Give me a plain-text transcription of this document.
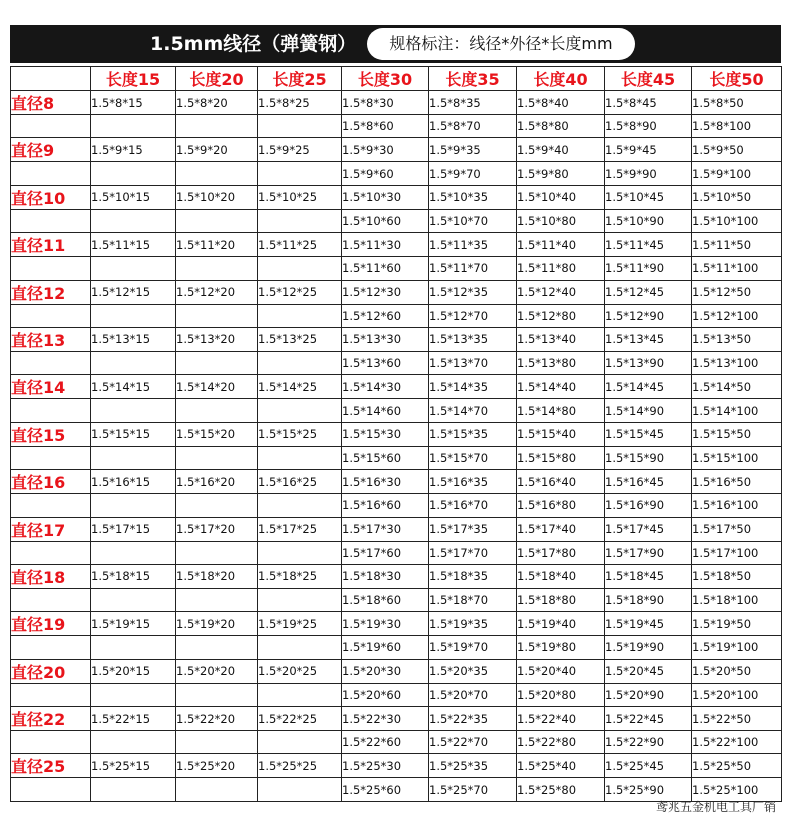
1.5mm线径（弹簧钢）	规格标注：线径*外径*长度mm
	长度15	长度20	长度25	长度30	长度35	长度40	长度45	长度50
直径8	1.5*8*15	1.5*8*20	1.5*8*25	1.5*8*30	1.5*8*35	1.5*8*40	1.5*8*45	1.5*8*50
				1.5*8*60	1.5*8*70	1.5*8*80	1.5*8*90	1.5*8*100
直径9	1.5*9*15	1.5*9*20	1.5*9*25	1.5*9*30	1.5*9*35	1.5*9*40	1.5*9*45	1.5*9*50
				1.5*9*60	1.5*9*70	1.5*9*80	1.5*9*90	1.5*9*100
直径10	1.5*10*15	1.5*10*20	1.5*10*25	1.5*10*30	1.5*10*35	1.5*10*40	1.5*10*45	1.5*10*50
				1.5*10*60	1.5*10*70	1.5*10*80	1.5*10*90	1.5*10*100
直径11	1.5*11*15	1.5*11*20	1.5*11*25	1.5*11*30	1.5*11*35	1.5*11*40	1.5*11*45	1.5*11*50
				1.5*11*60	1.5*11*70	1.5*11*80	1.5*11*90	1.5*11*100
直径12	1.5*12*15	1.5*12*20	1.5*12*25	1.5*12*30	1.5*12*35	1.5*12*40	1.5*12*45	1.5*12*50
				1.5*12*60	1.5*12*70	1.5*12*80	1.5*12*90	1.5*12*100
直径13	1.5*13*15	1.5*13*20	1.5*13*25	1.5*13*30	1.5*13*35	1.5*13*40	1.5*13*45	1.5*13*50
				1.5*13*60	1.5*13*70	1.5*13*80	1.5*13*90	1.5*13*100
直径14	1.5*14*15	1.5*14*20	1.5*14*25	1.5*14*30	1.5*14*35	1.5*14*40	1.5*14*45	1.5*14*50
				1.5*14*60	1.5*14*70	1.5*14*80	1.5*14*90	1.5*14*100
直径15	1.5*15*15	1.5*15*20	1.5*15*25	1.5*15*30	1.5*15*35	1.5*15*40	1.5*15*45	1.5*15*50
				1.5*15*60	1.5*15*70	1.5*15*80	1.5*15*90	1.5*15*100
直径16	1.5*16*15	1.5*16*20	1.5*16*25	1.5*16*30	1.5*16*35	1.5*16*40	1.5*16*45	1.5*16*50
				1.5*16*60	1.5*16*70	1.5*16*80	1.5*16*90	1.5*16*100
直径17	1.5*17*15	1.5*17*20	1.5*17*25	1.5*17*30	1.5*17*35	1.5*17*40	1.5*17*45	1.5*17*50
				1.5*17*60	1.5*17*70	1.5*17*80	1.5*17*90	1.5*17*100
直径18	1.5*18*15	1.5*18*20	1.5*18*25	1.5*18*30	1.5*18*35	1.5*18*40	1.5*18*45	1.5*18*50
				1.5*18*60	1.5*18*70	1.5*18*80	1.5*18*90	1.5*18*100
直径19	1.5*19*15	1.5*19*20	1.5*19*25	1.5*19*30	1.5*19*35	1.5*19*40	1.5*19*45	1.5*19*50
				1.5*19*60	1.5*19*70	1.5*19*80	1.5*19*90	1.5*19*100
直径20	1.5*20*15	1.5*20*20	1.5*20*25	1.5*20*30	1.5*20*35	1.5*20*40	1.5*20*45	1.5*20*50
				1.5*20*60	1.5*20*70	1.5*20*80	1.5*20*90	1.5*20*100
直径22	1.5*22*15	1.5*22*20	1.5*22*25	1.5*22*30	1.5*22*35	1.5*22*40	1.5*22*45	1.5*22*50
				1.5*22*60	1.5*22*70	1.5*22*80	1.5*22*90	1.5*22*100
直径25	1.5*25*15	1.5*25*20	1.5*25*25	1.5*25*30	1.5*25*35	1.5*25*40	1.5*25*45	1.5*25*50
				1.5*25*60	1.5*25*70	1.5*25*80	1.5*25*90	1.5*25*100
鸢兆五金机电工具厂销
